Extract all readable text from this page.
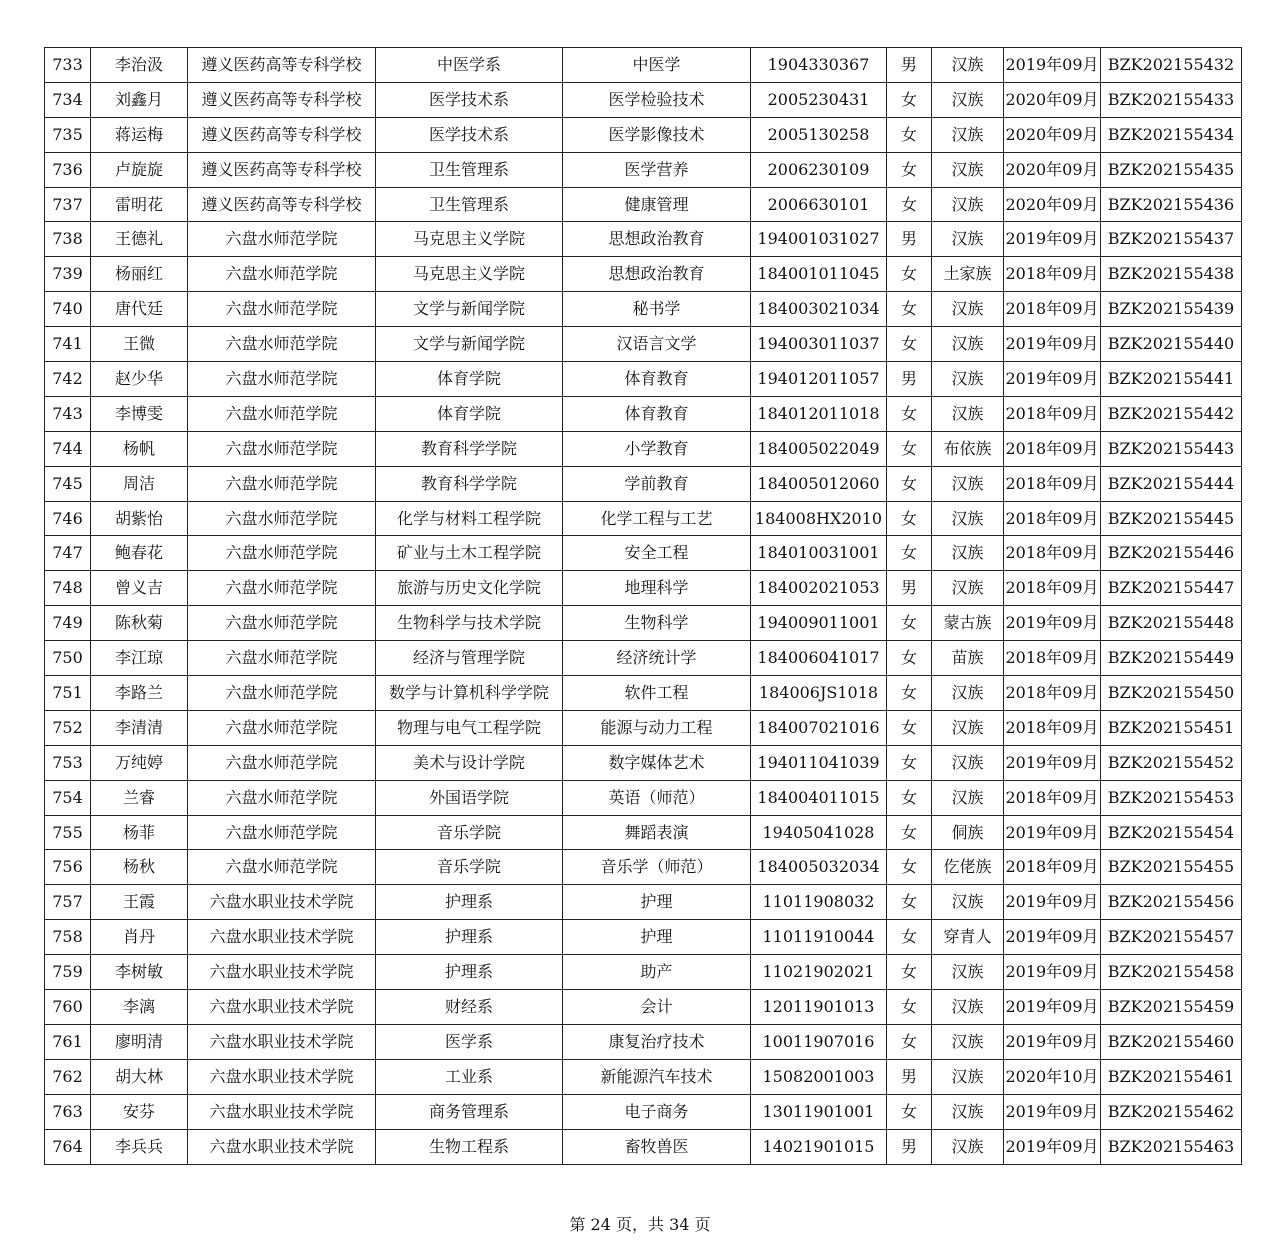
733	李治汲	遵义医药高等专科学校	中医学系	中医学	1904330367	男	汉族	2019年09月	BZK202155432
734	刘鑫月	遵义医药高等专科学校	医学技术系	医学检验技术	2005230431	女	汉族	2020年09月	BZK202155433
735	蒋运梅	遵义医药高等专科学校	医学技术系	医学影像技术	2005130258	女	汉族	2020年09月	BZK202155434
736	卢旋旋	遵义医药高等专科学校	卫生管理系	医学营养	2006230109	女	汉族	2020年09月	BZK202155435
737	雷明花	遵义医药高等专科学校	卫生管理系	健康管理	2006630101	女	汉族	2020年09月	BZK202155436
738	王德礼	六盘水师范学院	马克思主义学院	思想政治教育	194001031027	男	汉族	2019年09月	BZK202155437
739	杨丽红	六盘水师范学院	马克思主义学院	思想政治教育	184001011045	女	土家族	2018年09月	BZK202155438
740	唐代廷	六盘水师范学院	文学与新闻学院	秘书学	184003021034	女	汉族	2018年09月	BZK202155439
741	王微	六盘水师范学院	文学与新闻学院	汉语言文学	194003011037	女	汉族	2019年09月	BZK202155440
742	赵少华	六盘水师范学院	体育学院	体育教育	194012011057	男	汉族	2019年09月	BZK202155441
743	李博雯	六盘水师范学院	体育学院	体育教育	184012011018	女	汉族	2018年09月	BZK202155442
744	杨帆	六盘水师范学院	教育科学学院	小学教育	184005022049	女	布依族	2018年09月	BZK202155443
745	周洁	六盘水师范学院	教育科学学院	学前教育	184005012060	女	汉族	2018年09月	BZK202155444
746	胡紫怡	六盘水师范学院	化学与材料工程学院	化学工程与工艺	184008HX2010	女	汉族	2018年09月	BZK202155445
747	鲍春花	六盘水师范学院	矿业与土木工程学院	安全工程	184010031001	女	汉族	2018年09月	BZK202155446
748	曾义吉	六盘水师范学院	旅游与历史文化学院	地理科学	184002021053	男	汉族	2018年09月	BZK202155447
749	陈秋菊	六盘水师范学院	生物科学与技术学院	生物科学	194009011001	女	蒙古族	2019年09月	BZK202155448
750	李江琼	六盘水师范学院	经济与管理学院	经济统计学	184006041017	女	苗族	2018年09月	BZK202155449
751	李路兰	六盘水师范学院	数学与计算机科学学院	软件工程	184006JS1018	女	汉族	2018年09月	BZK202155450
752	李清清	六盘水师范学院	物理与电气工程学院	能源与动力工程	184007021016	女	汉族	2018年09月	BZK202155451
753	万纯婷	六盘水师范学院	美术与设计学院	数字媒体艺术	194011041039	女	汉族	2019年09月	BZK202155452
754	兰睿	六盘水师范学院	外国语学院	英语（师范）	184004011015	女	汉族	2018年09月	BZK202155453
755	杨菲	六盘水师范学院	音乐学院	舞蹈表演	19405041028	女	侗族	2019年09月	BZK202155454
756	杨秋	六盘水师范学院	音乐学院	音乐学（师范）	184005032034	女	仡佬族	2018年09月	BZK202155455
757	王霞	六盘水职业技术学院	护理系	护理	11011908032	女	汉族	2019年09月	BZK202155456
758	肖丹	六盘水职业技术学院	护理系	护理	11011910044	女	穿青人	2019年09月	BZK202155457
759	李树敏	六盘水职业技术学院	护理系	助产	11021902021	女	汉族	2019年09月	BZK202155458
760	李漓	六盘水职业技术学院	财经系	会计	12011901013	女	汉族	2019年09月	BZK202155459
761	廖明清	六盘水职业技术学院	医学系	康复治疗技术	10011907016	女	汉族	2019年09月	BZK202155460
762	胡大林	六盘水职业技术学院	工业系	新能源汽车技术	15082001003	男	汉族	2020年10月	BZK202155461
763	安芬	六盘水职业技术学院	商务管理系	电子商务	13011901001	女	汉族	2019年09月	BZK202155462
764	李兵兵	六盘水职业技术学院	生物工程系	畜牧兽医	14021901015	男	汉族	2019年09月	BZK202155463
第 24 页，共 34 页
